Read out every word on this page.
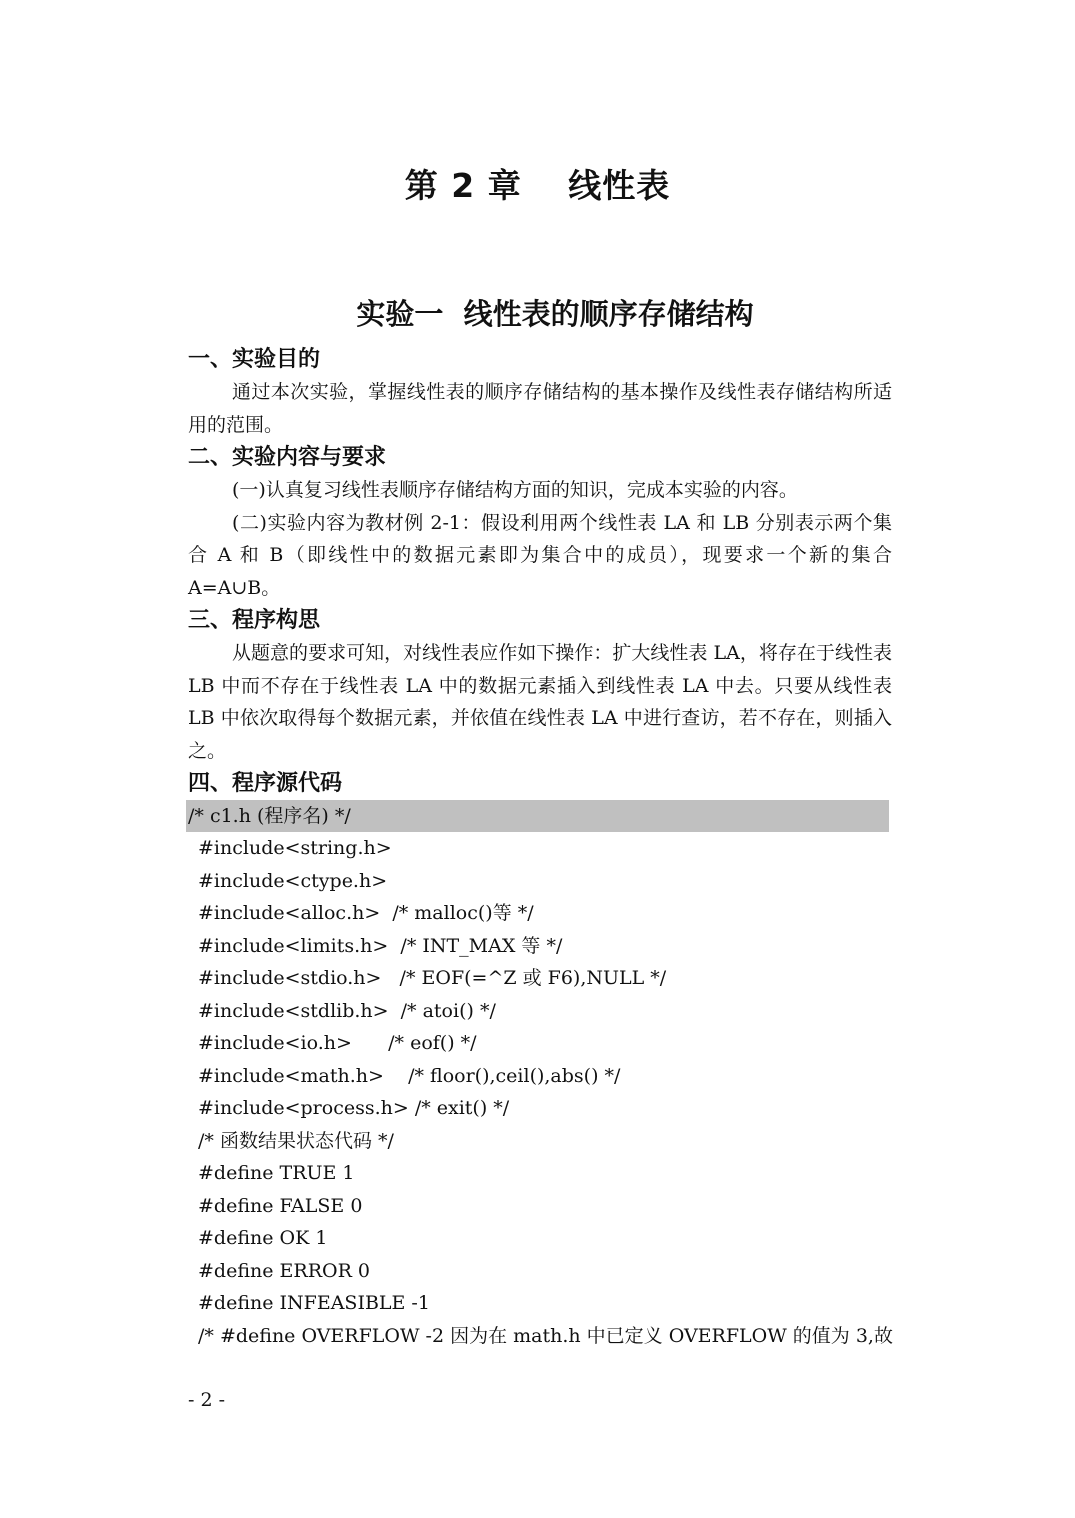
第 2 章　 线性表
实验一  线性表的顺序存储结构
一、实验目的

通过本次实验，掌握线性表的顺序存储结构的基本操作及线性表存储结构所适用的范围。

二、实验内容与要求

(一)认真复习线性表顺序存储结构方面的知识，完成本实验的内容。

(二)实验内容为教材例 2-1：假设利用两个线性表 LA 和 LB 分别表示两个集合 A 和 B（即线性中的数据元素即为集合中的成员），现要求一个新的集合 A=A∪B。

三、程序构思

从题意的要求可知，对线性表应作如下操作：扩大线性表 LA，将存在于线性表 LB 中而不存在于线性表 LA 中的数据元素插入到线性表 LA 中去。只要从线性表 LB 中依次取得每个数据元素，并依值在线性表 LA 中进行查访，若不存在，则插入之。

四、程序源代码
/* c1.h (程序名) */
#include<string.h>
#include<ctype.h>
#include<alloc.h>  /* malloc()等 */
#include<limits.h>  /* INT_MAX 等 */
#include<stdio.h>   /* EOF(=^Z 或 F6),NULL */
#include<stdlib.h>  /* atoi() */
#include<io.h>      /* eof() */
#include<math.h>    /* floor(),ceil(),abs() */
#include<process.h> /* exit() */
/* 函数结果状态代码 */
#define TRUE 1
#define FALSE 0
#define OK 1
#define ERROR 0
#define INFEASIBLE -1
/* #define OVERFLOW -2 因为在 math.h 中已定义 OVERFLOW 的值为 3,故
- 2 -
